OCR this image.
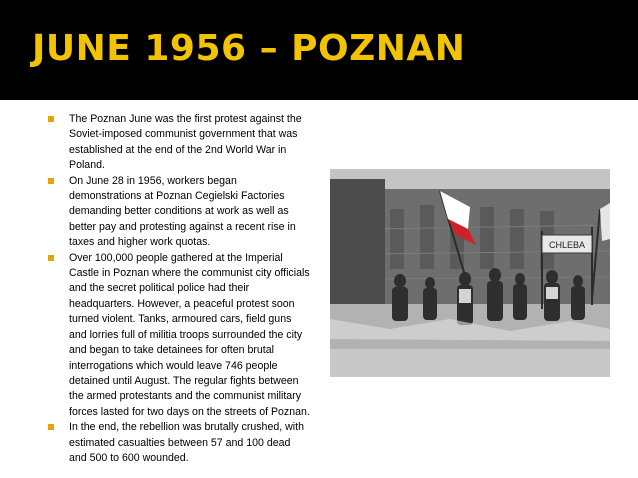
JUNE 1956 – POZNAN
The Poznan June was the first protest against the Soviet-imposed communist government that was established at the end of the 2nd World War in Poland.
On June 28 in 1956, workers began demonstrations at Poznan Cegielski Factories demanding better conditions at work as well as better pay and protesting against a recent rise in taxes and higher work quotas.
Over 100,000 people gathered at the Imperial Castle in Poznan where the communist city officials and the secret political police had their headquarters. However, a peaceful protest soon turned violent. Tanks, armoured cars, field guns and lorries full of militia troops surrounded the city and began to take detainees for often brutal interrogations which would leave 746 people detained until August. The regular fights between the armed protestants and the communist military forces lasted for two days on the streets of Poznan.
In the end, the rebellion was brutally crushed, with estimated casualties between 57 and 100 dead and 500 to 600 wounded.
CHLEBA
